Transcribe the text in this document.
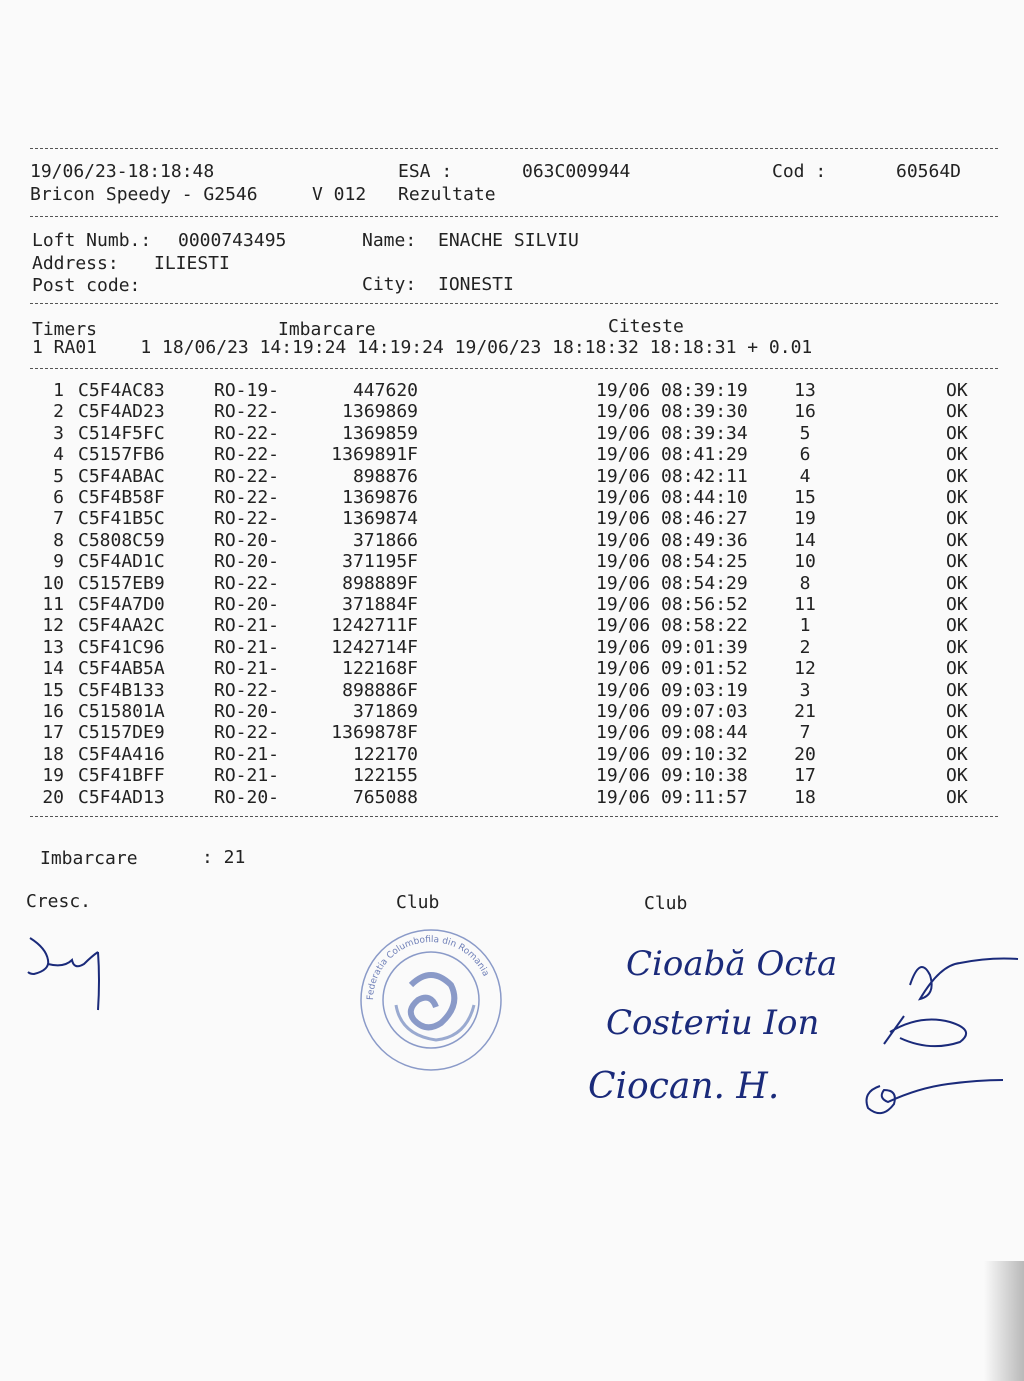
19/06/23-18:18:48	ESA :	063C009944	Cod :	60564D
Bricon Speedy - G2546	V 012 Rezultate
Loft Numb.: 0000743495	Name: ENACHE SILVIU
Address: ILIESTI
Post code:	City: IONESTI
Timers	Imbarcare	Citeste
1 RA01    1 18/06/23 14:19:24 14:19:24 19/06/23 18:18:32 18:18:31 + 0.01
1 C5F4AC83	RO-19-	447620	19/06 08:39:19	13	OK
2 C5F4AD23	RO-22-	1369869	19/06 08:39:30	16	OK
3 C514F5FC	RO-22-	1369859	19/06 08:39:34	5	OK
4 C5157FB6	RO-22-	1369891F	19/06 08:41:29	6	OK
5 C5F4ABAC	RO-22-	898876	19/06 08:42:11	4	OK
6 C5F4B58F	RO-22-	1369876	19/06 08:44:10	15	OK
7 C5F41B5C	RO-22-	1369874	19/06 08:46:27	19	OK
8 C5808C59	RO-20-	371866	19/06 08:49:36	14	OK
9 C5F4AD1C	RO-20-	371195F	19/06 08:54:25	10	OK
10 C5157EB9	RO-22-	898889F	19/06 08:54:29	8	OK
11 C5F4A7D0	RO-20-	371884F	19/06 08:56:52	11	OK
12 C5F4AA2C	RO-21-	1242711F	19/06 08:58:22	1	OK
13 C5F41C96	RO-21-	1242714F	19/06 09:01:39	2	OK
14 C5F4AB5A	RO-21-	122168F	19/06 09:01:52	12	OK
15 C5F4B133	RO-22-	898886F	19/06 09:03:19	3	OK
16 C515801A	RO-20-	371869	19/06 09:07:03	21	OK
17 C5157DE9	RO-22-	1369878F	19/06 09:08:44	7	OK
18 C5F4A416	RO-21-	122170	19/06 09:10:32	20	OK
19 C5F41BFF	RO-21-	122155	19/06 09:10:38	17	OK
20 C5F4AD13	RO-20-	765088	19/06 09:11:57	18	OK
Imbarcare	: 21
Cresc.	Club	Club
Federatia Columbofila din Romania	Cioabă Octa
Costeriu Ion
Ciocan. H.
